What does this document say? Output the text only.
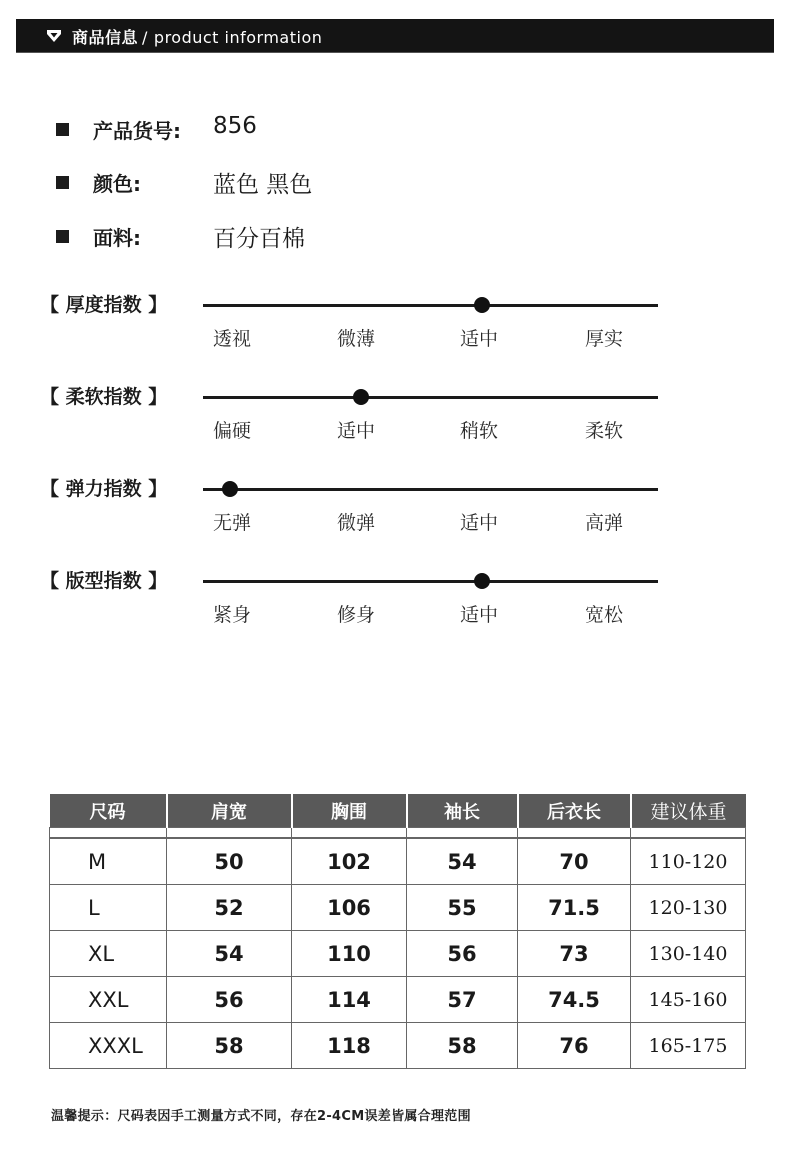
商品信息 / product information
产品货号: 856
颜色:	蓝色 黑色
面料:	百分百棉
【 厚度指数 】
透视	微薄	适中	厚实
【 柔软指数 】
偏硬	适中	稍软	柔软
【 弹力指数 】
无弹	微弹	适中	高弹
【 版型指数 】
紧身	修身	适中	宽松
尺码	肩宽	胸围	袖长	后衣长	建议体重

M	50	102	54	70	110-120
L	52	106	55	71.5	120-130
XL	54	110	56	73	130-140
XXL	56	114	57	74.5	145-160
XXXL	58	118	58	76	165-175
温馨提示：尺码表因手工测量方式不同，存在2-4CM误差皆属合理范围
